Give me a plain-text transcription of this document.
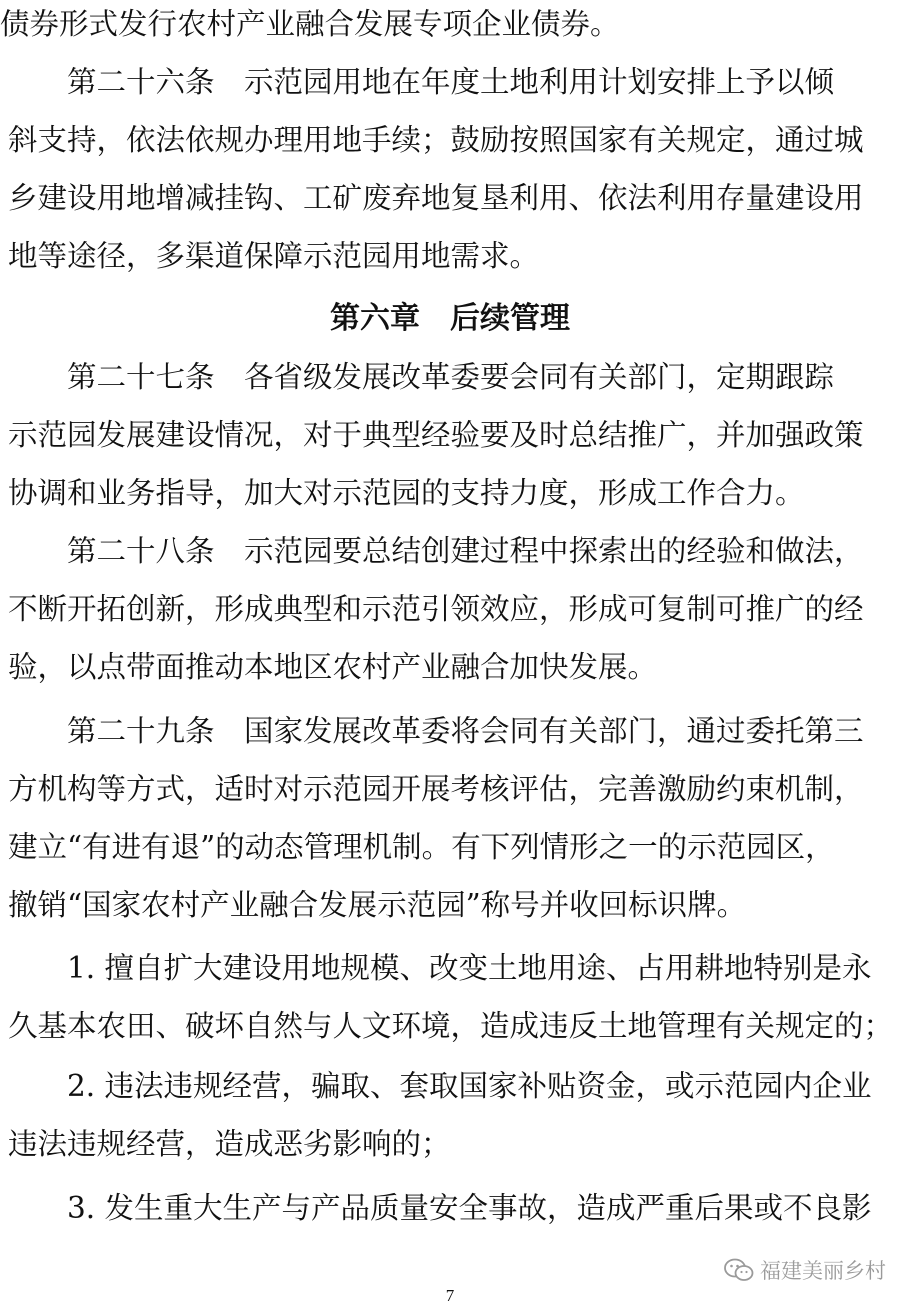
债券形式发行农村产业融合发展专项企业债券。
第二十六条　示范园用地在年度土地利用计划安排上予以倾
斜支持，依法依规办理用地手续；鼓励按照国家有关规定，通过城
乡建设用地增减挂钩、工矿废弃地复垦利用、依法利用存量建设用
地等途径，多渠道保障示范园用地需求。
第六章　后续管理
第二十七条　各省级发展改革委要会同有关部门，定期跟踪
示范园发展建设情况，对于典型经验要及时总结推广，并加强政策
协调和业务指导，加大对示范园的支持力度，形成工作合力。
第二十八条　示范园要总结创建过程中探索出的经验和做法，
不断开拓创新，形成典型和示范引领效应，形成可复制可推广的经
验，以点带面推动本地区农村产业融合加快发展。
第二十九条　国家发展改革委将会同有关部门，通过委托第三
方机构等方式，适时对示范园开展考核评估，完善激励约束机制，
建立“有进有退”的动态管理机制。有下列情形之一的示范园区，
撤销“国家农村产业融合发展示范园”称号并收回标识牌。
1. 擅自扩大建设用地规模、改变土地用途、占用耕地特别是永
久基本农田、破坏自然与人文环境，造成违反土地管理有关规定的；
2. 违法违规经营，骗取、套取国家补贴资金，或示范园内企业
违法违规经营，造成恶劣影响的；
3. 发生重大生产与产品质量安全事故，造成严重后果或不良影
福建美丽乡村
7
